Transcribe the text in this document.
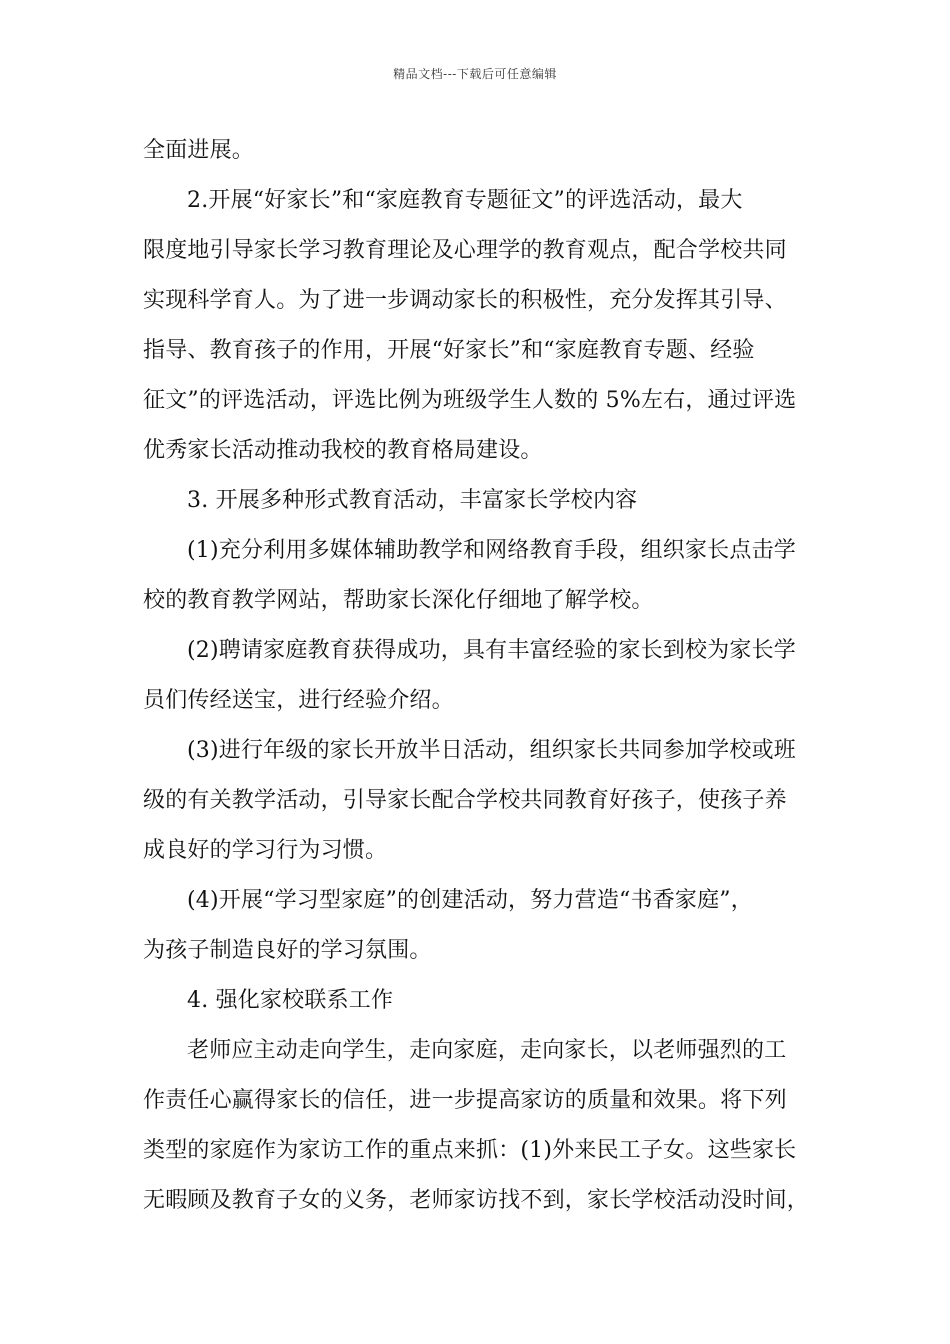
精品文档---下载后可任意编辑
全面进展。
2.开展“好家长”和“家庭教育专题征文”的评选活动，最大
限度地引导家长学习教育理论及心理学的教育观点，配合学校共同
实现科学育人。为了进一步调动家长的积极性，充分发挥其引导、
指导、教育孩子的作用，开展“好家长”和“家庭教育专题、经验
征文”的评选活动，评选比例为班级学生人数的 5%左右，通过评选
优秀家长活动推动我校的教育格局建设。
3. 开展多种形式教育活动，丰富家长学校内容
(1)充分利用多媒体辅助教学和网络教育手段，组织家长点击学
校的教育教学网站，帮助家长深化仔细地了解学校。
(2)聘请家庭教育获得成功，具有丰富经验的家长到校为家长学
员们传经送宝，进行经验介绍。
(3)进行年级的家长开放半日活动，组织家长共同参加学校或班
级的有关教学活动，引导家长配合学校共同教育好孩子，使孩子养
成良好的学习行为习惯。
(4)开展“学习型家庭”的创建活动，努力营造“书香家庭”，
为孩子制造良好的学习氛围。
4. 强化家校联系工作
老师应主动走向学生，走向家庭，走向家长，以老师强烈的工
作责任心赢得家长的信任，进一步提高家访的质量和效果。将下列
类型的家庭作为家访工作的重点来抓：(1)外来民工子女。这些家长
无暇顾及教育子女的义务，老师家访找不到，家长学校活动没时间，
